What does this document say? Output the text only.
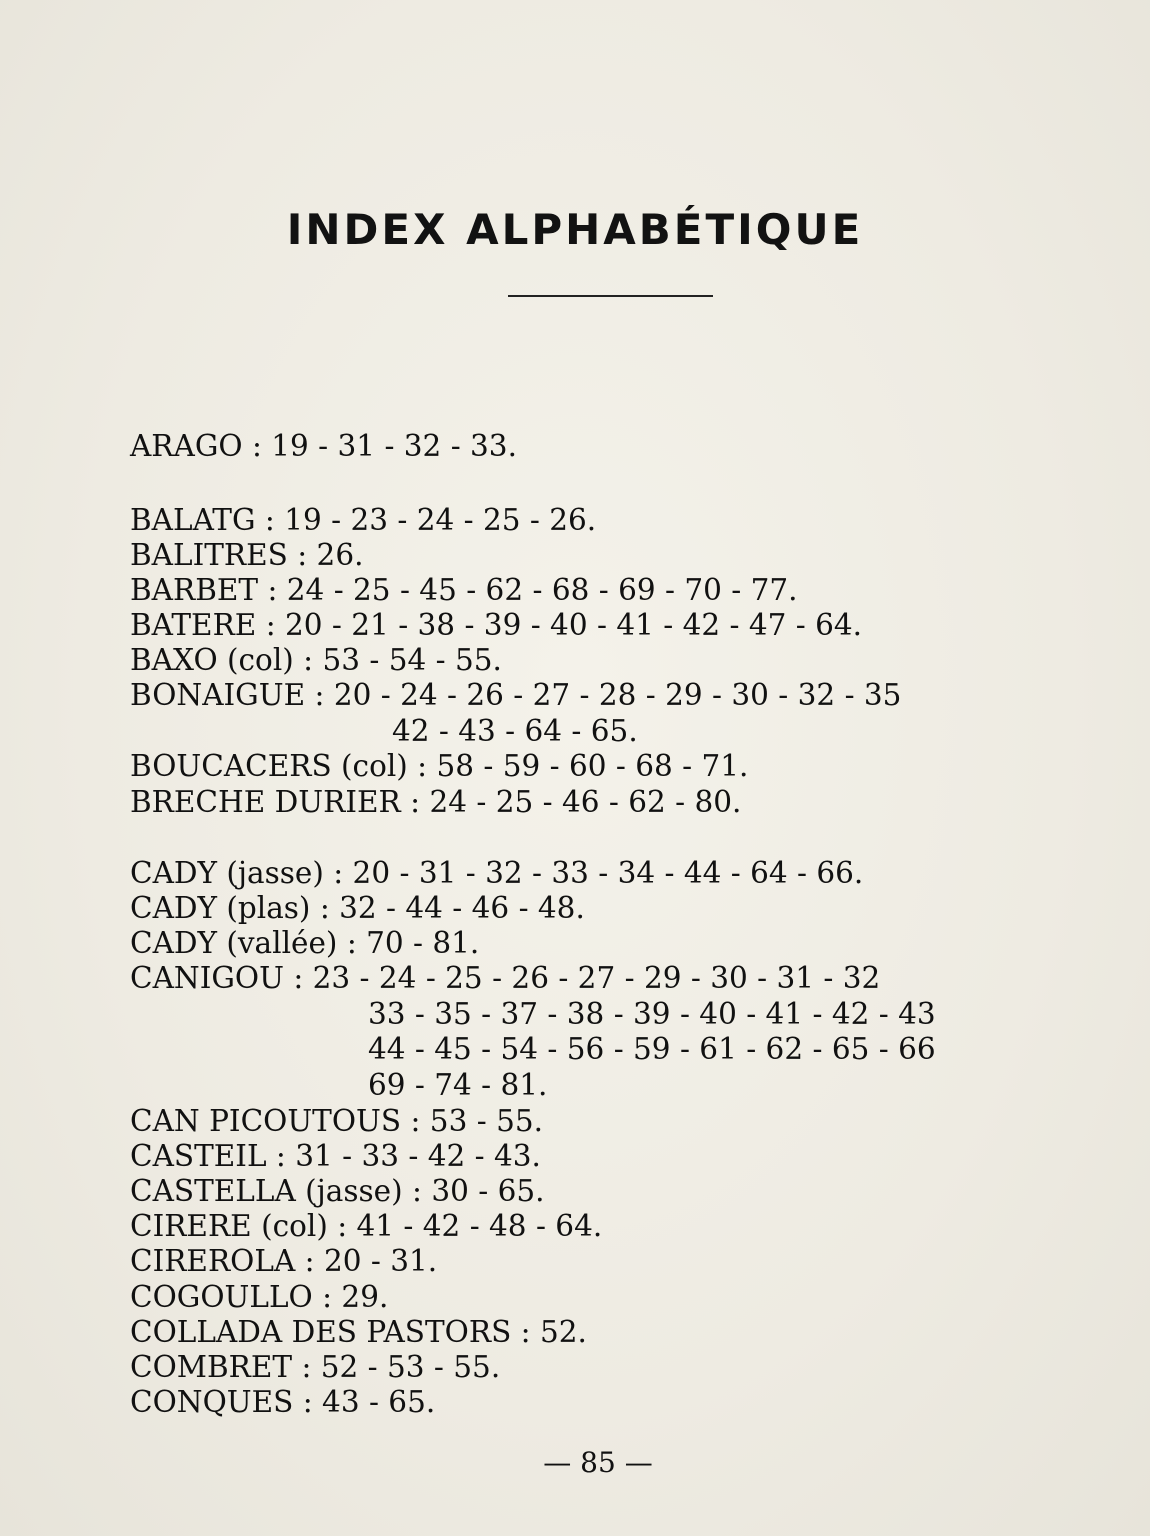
INDEX ALPHABÉTIQUE
ARAGO : 19 - 31 - 32 - 33.
BALATG : 19 - 23 - 24 - 25 - 26.
BALITRES : 26.
BARBET : 24 - 25 - 45 - 62 - 68 - 69 - 70 - 77.
BATERE : 20 - 21 - 38 - 39 - 40 - 41 - 42 - 47 - 64.
BAXO (col) : 53 - 54 - 55.
BONAIGUE : 20 - 24 - 26 - 27 - 28 - 29 - 30 - 32 - 35
42 - 43 - 64 - 65.
BOUCACERS (col) : 58 - 59 - 60 - 68 - 71.
BRECHE DURIER : 24 - 25 - 46 - 62 - 80.
CADY (jasse) : 20 - 31 - 32 - 33 - 34 - 44 - 64 - 66.
CADY (plas) : 32 - 44 - 46 - 48.
CADY (vallée) : 70 - 81.
CANIGOU : 23 - 24 - 25 - 26 - 27 - 29 - 30 - 31 - 32
33 - 35 - 37 - 38 - 39 - 40 - 41 - 42 - 43
44 - 45 - 54 - 56 - 59 - 61 - 62 - 65 - 66
69 - 74 - 81.
CAN PICOUTOUS : 53 - 55.
CASTEIL : 31 - 33 - 42 - 43.
CASTELLA (jasse) : 30 - 65.
CIRERE (col) : 41 - 42 - 48 - 64.
CIREROLA : 20 - 31.
COGOULLO : 29.
COLLADA DES PASTORS : 52.
COMBRET : 52 - 53 - 55.
CONQUES : 43 - 65.
— 85 —
